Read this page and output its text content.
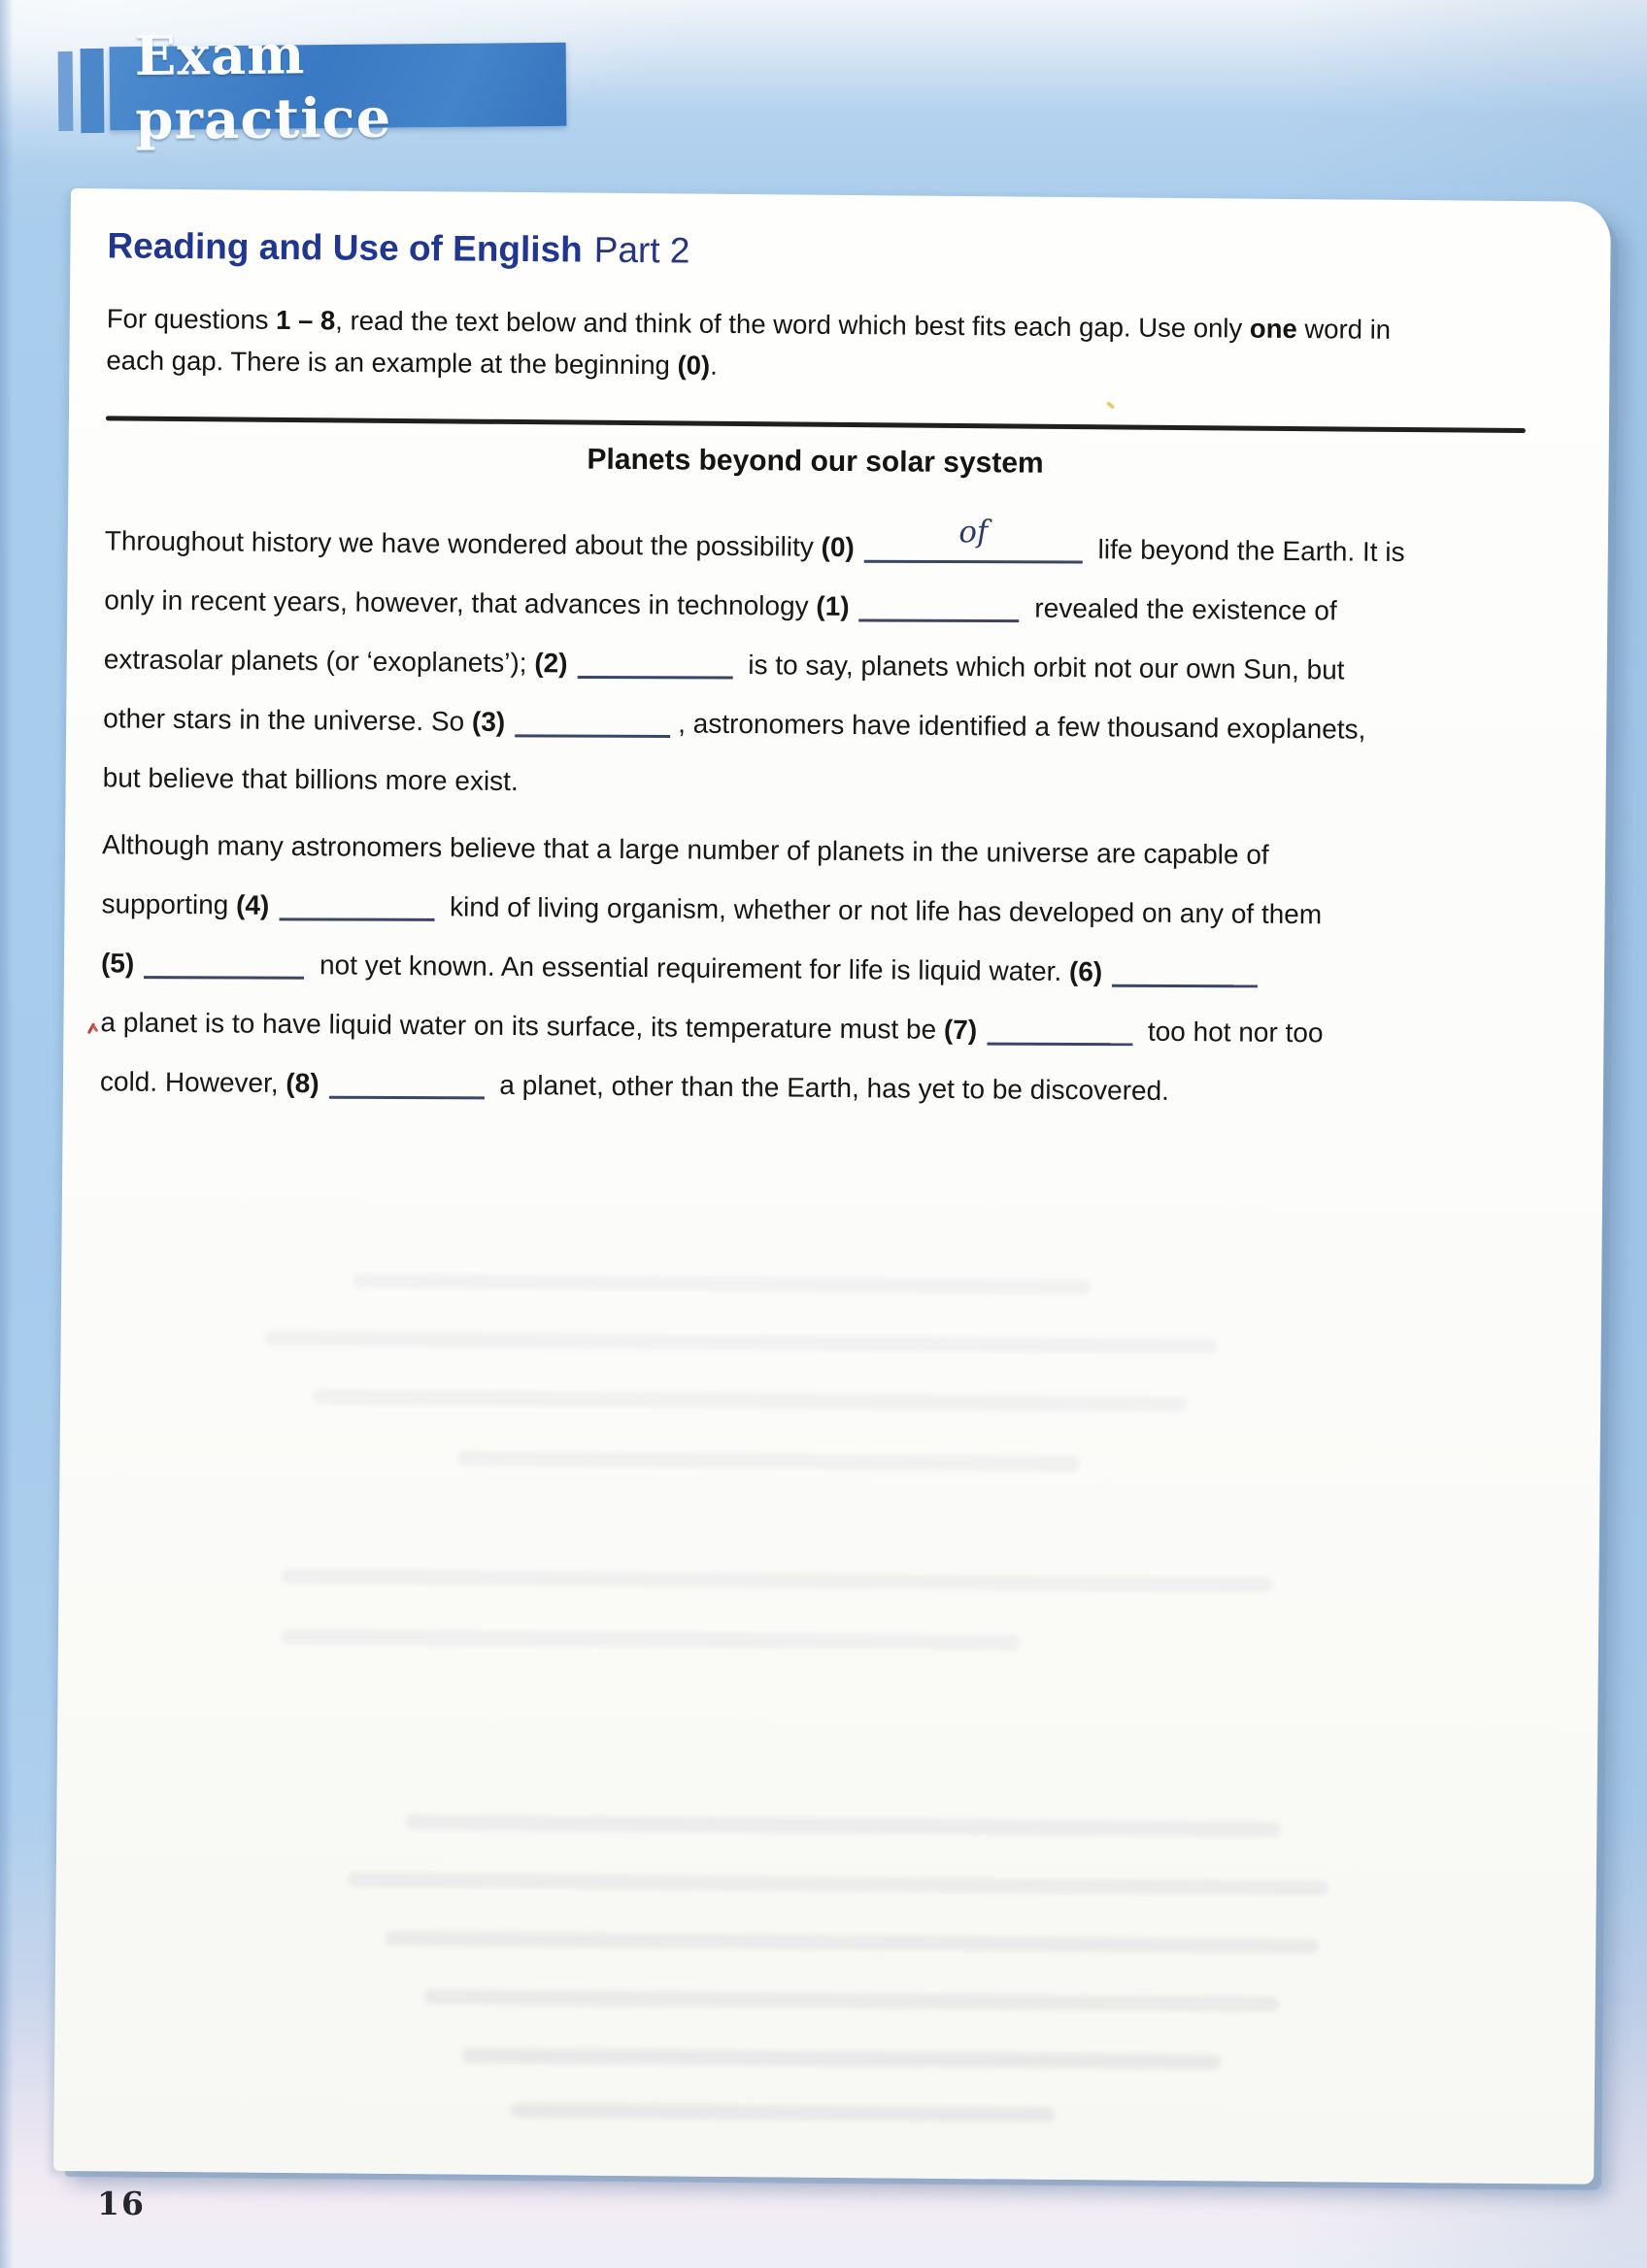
Exam practice
Reading and Use of English Part 2
For questions 1 – 8, read the text below and think of the word which best fits each gap. Use only one word in
each gap. There is an example at the beginning (0).
Planets beyond our solar system
Throughout history we have wondered about the possibility (0)	of
life beyond the Earth. It is
only in recent years, however, that advances in technology (1)	revealed the existence of
extrasolar planets (or ‘exoplanets’); (2)	is to say, planets which orbit not our own Sun, but
other stars in the universe. So (3)	, astronomers have identified a few thousand exoplanets,
but believe that billions more exist.
Although many astronomers believe that a large number of planets in the universe are capable of
supporting (4)	kind of living organism, whether or not life has developed on any of them
(5)	not yet known. An essential requirement for life is liquid water. (6)
a planet is to have liquid water on its surface, its temperature must be (7)	too hot nor too
cold. However, (8)	a planet, other than the Earth, has yet to be discovered.
16
